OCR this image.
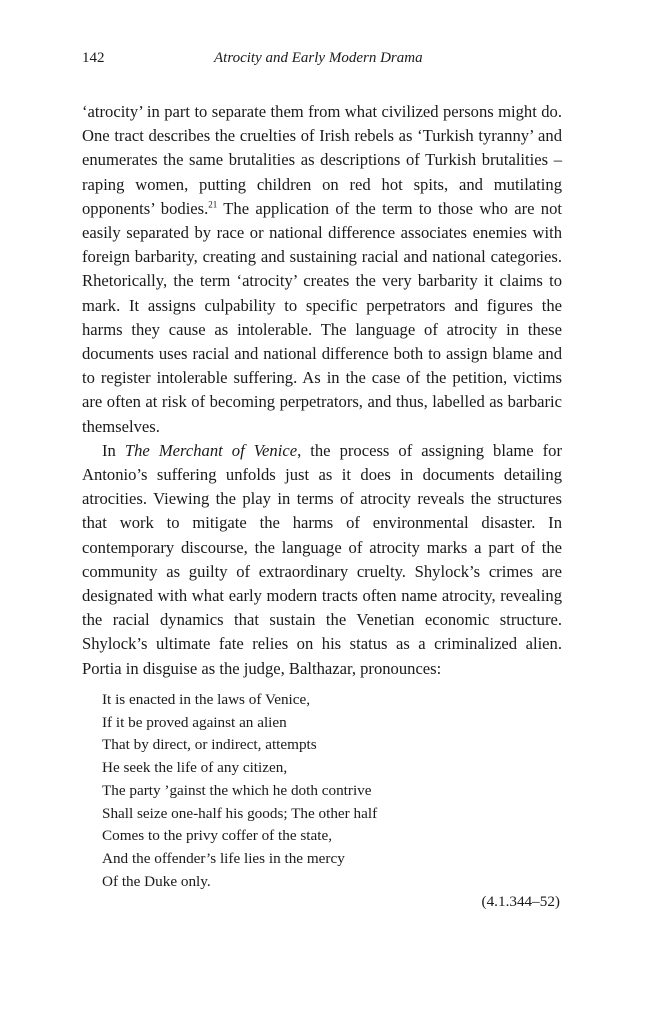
142	Atrocity and Early Modern Drama

‘atrocity’ in part to separate them from what civilized persons might do. One tract describes the cruelties of Irish rebels as ‘Turkish tyranny’ and enumerates the same brutalities as descriptions of Turkish brutalities – raping women, putting children on red hot spits, and mutilating opponents’ bodies.$^{21}$ The application of the term to those who are not easily separated by race or national difference associates enemies with foreign barbarity, creating and sustaining racial and national categories. Rhetorically, the term ‘atrocity’ creates the very barbarity it claims to mark. It assigns culpability to specific perpetrators and figures the harms they cause as intolerable. The language of atrocity in these documents uses racial and national difference both to assign blame and to register intolerable suffering. As in the case of the petition, victims are often at risk of becoming perpetrators, and thus, labelled as barbaric themselves.

In The Merchant of Venice, the process of assigning blame for Antonio’s suffering unfolds just as it does in documents detailing atrocities. Viewing the play in terms of atrocity reveals the structures that work to mitigate the harms of environmental disaster. In contemporary discourse, the language of atrocity marks a part of the community as guilty of extraordinary cruelty. Shylock’s crimes are designated with what early modern tracts often name atrocity, revealing the racial dynamics that sustain the Venetian economic structure. Shylock’s ultimate fate relies on his status as a criminalized alien. Portia in disguise as the judge, Balthazar, pronounces:

It is enacted in the laws of Venice,
If it be proved against an alien
That by direct, or indirect, attempts
He seek the life of any citizen,
The party ’gainst the which he doth contrive
Shall seize one-half his goods; The other half
Comes to the privy coffer of the state,
And the offender’s life lies in the mercy
Of the Duke only.
(4.1.344–52)
